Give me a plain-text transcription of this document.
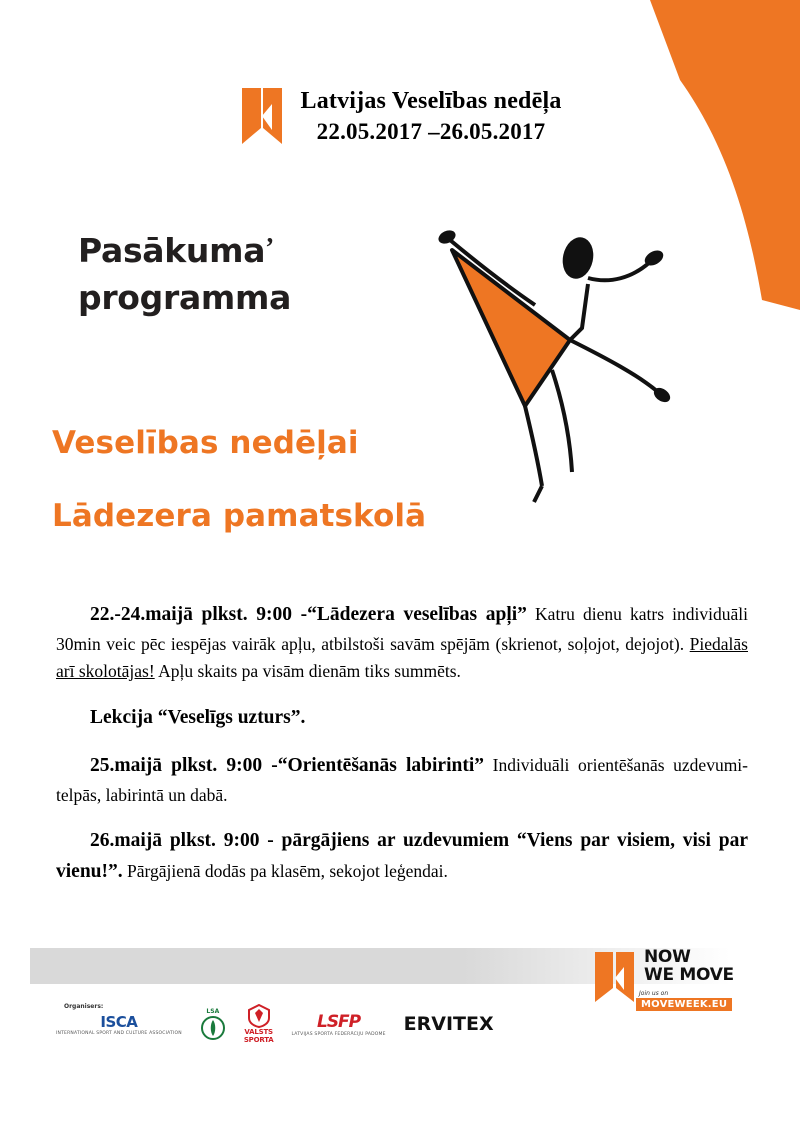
Latvijas Veselības nedēļa
22.05.2017 –26.05.2017
Pasākuma’
programma
Veselības nedēļai
Lādezera pamatskolā

22.-24.maijā plkst. 9:00 -“Lādezera veselības apļi” Katru dienu katrs individuāli 30min veic pēc iespējas vairāk apļu, atbilstoši savām spējām (skrienot, soļojot, dejojot). Piedalās arī skolotājas! Apļu skaits pa visām dienām tiks summēts.

Lekcija “Veselīgs uzturs”.

25.maijā plkst. 9:00 -“Orientēšanās labirinti” Individuāli orientēšanās uzdevumi-telpās, labirintā un dabā.

26.maijā plkst. 9:00 - pārgājiens ar uzdevumiem “Viens par visiem, visi par vienu!”. Pārgājienā dodās pa klasēm, sekojot leģendai.

Organisers:
ISCA
INTERNATIONAL SPORT AND CULTURE ASSOCIATION
LSA
VALSTS
SPORTA
LSFP
LATVIJAS SPORTA FEDERĀCIJU PADOME ERVITEX
NOW
WE MOVE
Join us on
MOVEWEEK.EU
